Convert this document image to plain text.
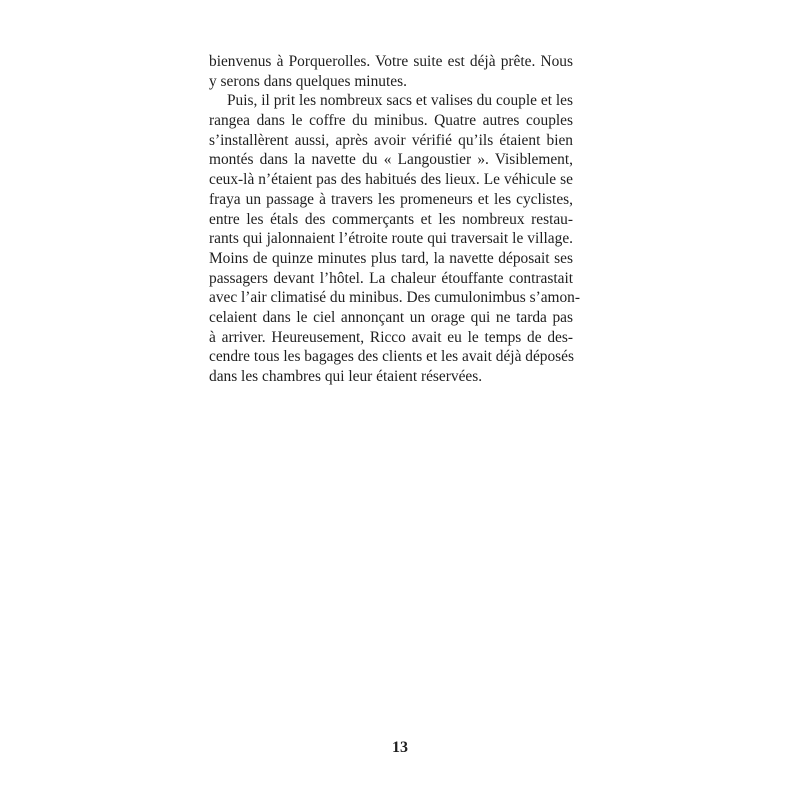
bienvenus à Porquerolles. Votre suite est déjà prête. Nous
y serons dans quelques minutes.
Puis, il prit les nombreux sacs et valises du couple et les
rangea dans le coffre du minibus. Quatre autres couples
s’installèrent aussi, après avoir vérifié qu’ils étaient bien
montés dans la navette du « Langoustier ». Visiblement,
ceux-là n’étaient pas des habitués des lieux. Le véhicule se
fraya un passage à travers les promeneurs et les cyclistes,
entre les étals des commerçants et les nombreux restau-
rants qui jalonnaient l’étroite route qui traversait le village.
Moins de quinze minutes plus tard, la navette déposait ses
passagers devant l’hôtel. La chaleur étouffante contrastait
avec l’air climatisé du minibus. Des cumulonimbus s’amon-
celaient dans le ciel annonçant un orage qui ne tarda pas
à arriver. Heureusement, Ricco avait eu le temps de des-
cendre tous les bagages des clients et les avait déjà déposés
dans les chambres qui leur étaient réservées.
13
